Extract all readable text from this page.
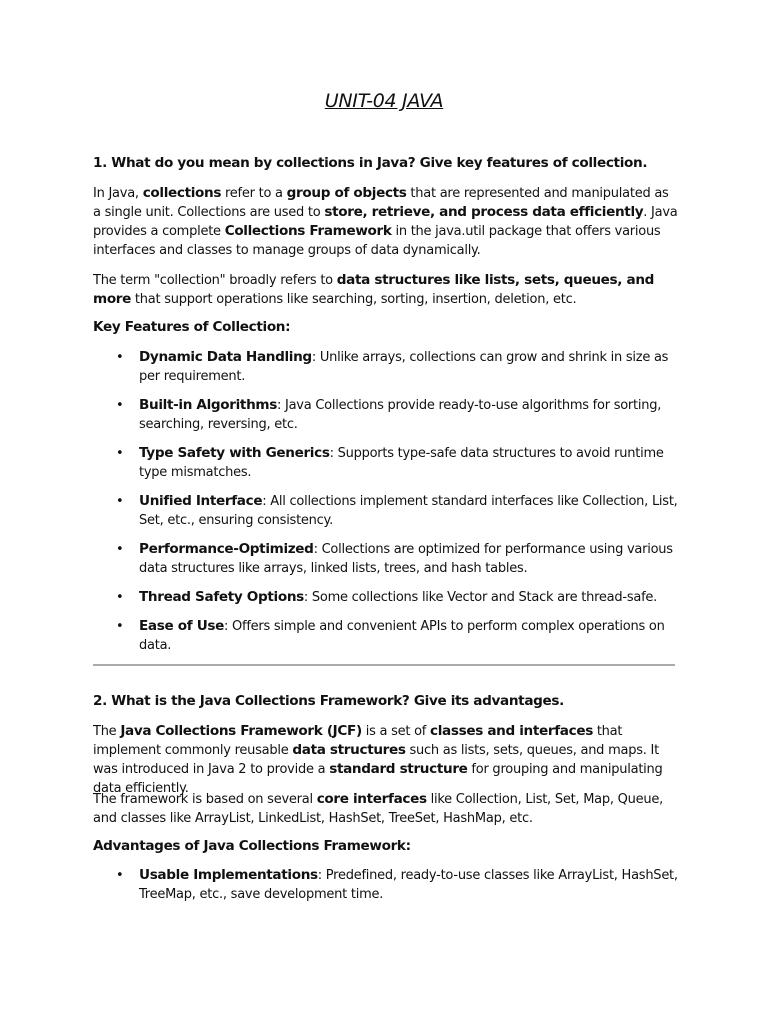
UNIT-04 JAVA
1. What do you mean by collections in Java? Give key features of collection.

In Java, collections refer to a group of objects that are represented and manipulated as a single unit. Collections are used to store, retrieve, and process data efficiently. Java provides a complete Collections Framework in the java.util package that offers various interfaces and classes to manage groups of data dynamically.

The term "collection" broadly refers to data structures like lists, sets, queues, and more that support operations like searching, sorting, insertion, deletion, etc.

Key Features of Collection:
• Dynamic Data Handling: Unlike arrays, collections can grow and shrink in size as per requirement.
• Built-in Algorithms: Java Collections provide ready-to-use algorithms for sorting, searching, reversing, etc.
• Type Safety with Generics: Supports type-safe data structures to avoid runtime type mismatches.
• Unified Interface: All collections implement standard interfaces like Collection, List, Set, etc., ensuring consistency.
• Performance-Optimized: Collections are optimized for performance using various data structures like arrays, linked lists, trees, and hash tables.
• Thread Safety Options: Some collections like Vector and Stack are thread-safe.
• Ease of Use: Offers simple and convenient APIs to perform complex operations on data.
2. What is the Java Collections Framework? Give its advantages.

The Java Collections Framework (JCF) is a set of classes and interfaces that implement commonly reusable data structures such as lists, sets, queues, and maps. It was introduced in Java 2 to provide a standard structure for grouping and manipulating data efficiently.

The framework is based on several core interfaces like Collection, List, Set, Map, Queue, and classes like ArrayList, LinkedList, HashSet, TreeSet, HashMap, etc.

Advantages of Java Collections Framework:
• Usable Implementations: Predefined, ready-to-use classes like ArrayList, HashSet, TreeMap, etc., save development time.
